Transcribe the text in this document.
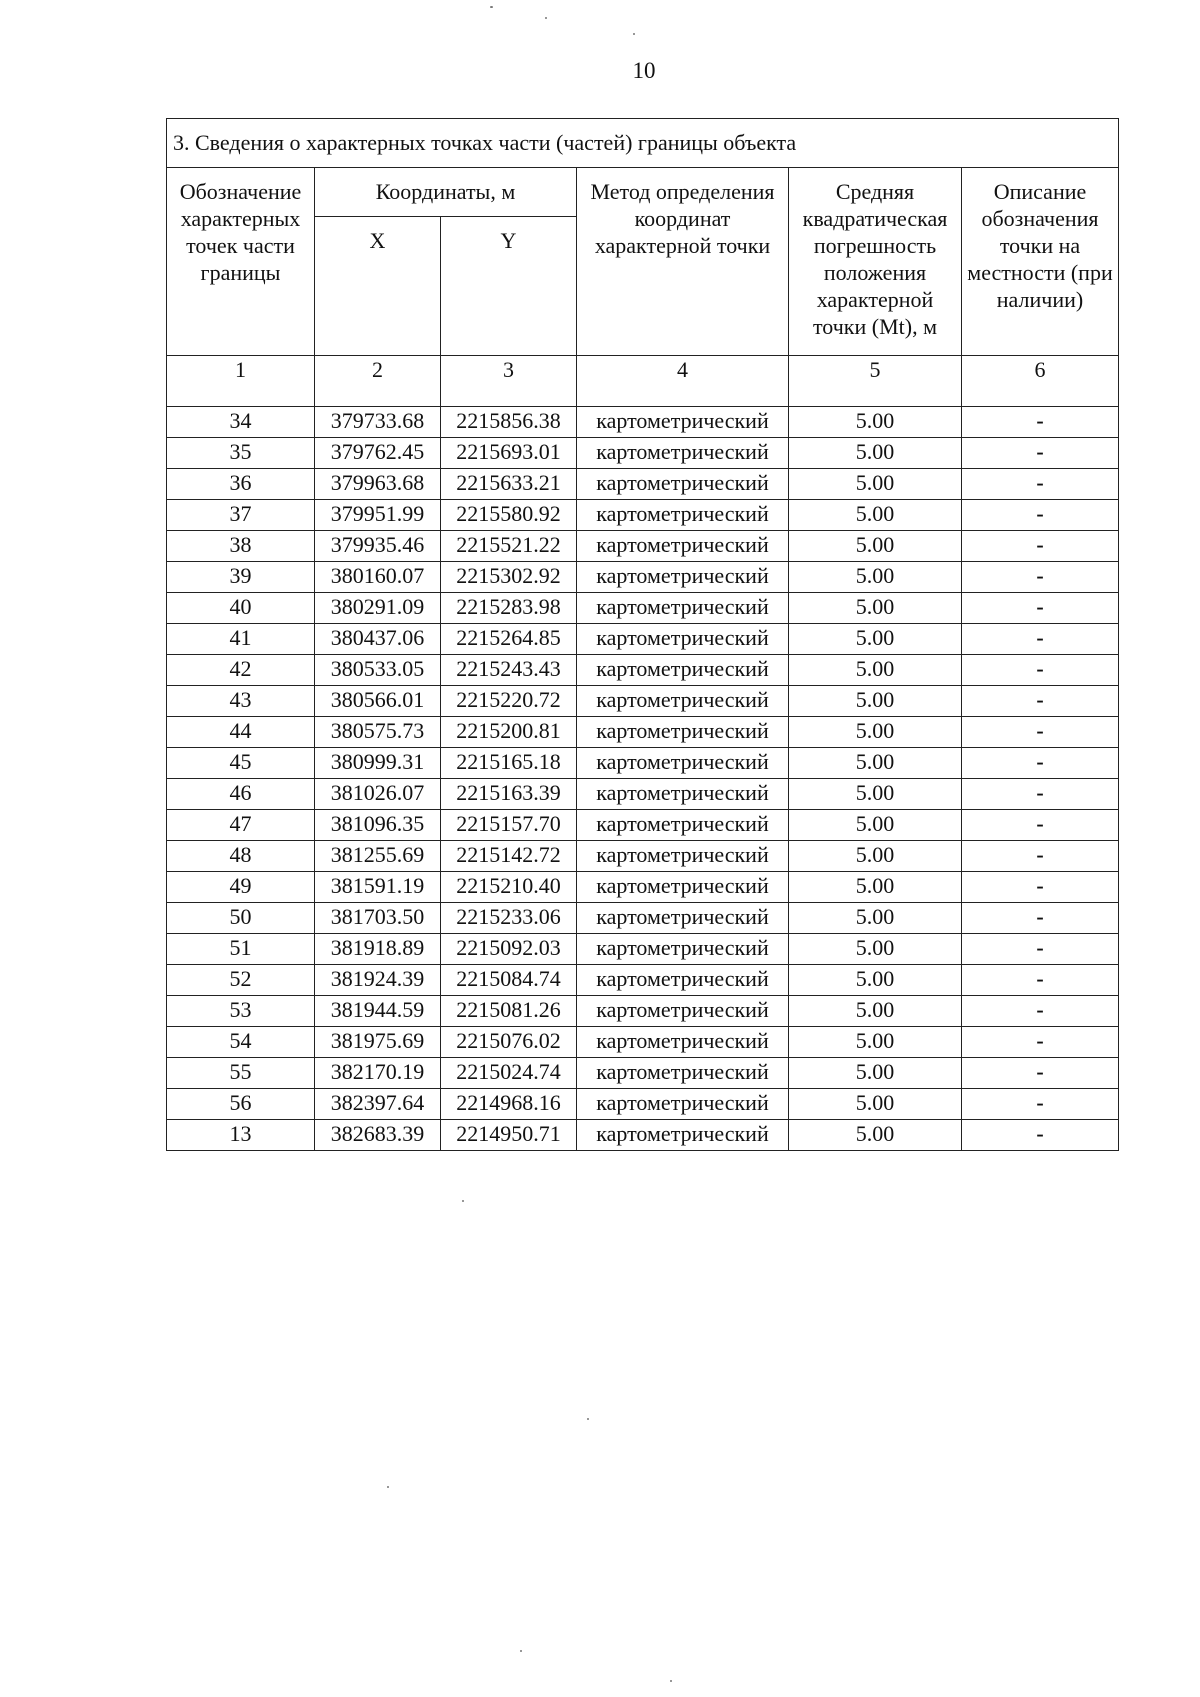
10
3. Сведения о характерных точках части (частей) границы объекта					
Обозначение характерных точек части границы	Координаты, м		Метод определения координат характерной точки	Средняя квадратическая погрешность положения характерной точки (Mt), м	Описание обозначения точки на местности (при наличии)
	X	Y			
1	2	3	4	5	6
34	379733.68	2215856.38	картометрический	5.00	-
35	379762.45	2215693.01	картометрический	5.00	-
36	379963.68	2215633.21	картометрический	5.00	-
37	379951.99	2215580.92	картометрический	5.00	-
38	379935.46	2215521.22	картометрический	5.00	-
39	380160.07	2215302.92	картометрический	5.00	-
40	380291.09	2215283.98	картометрический	5.00	-
41	380437.06	2215264.85	картометрический	5.00	-
42	380533.05	2215243.43	картометрический	5.00	-
43	380566.01	2215220.72	картометрический	5.00	-
44	380575.73	2215200.81	картометрический	5.00	-
45	380999.31	2215165.18	картометрический	5.00	-
46	381026.07	2215163.39	картометрический	5.00	-
47	381096.35	2215157.70	картометрический	5.00	-
48	381255.69	2215142.72	картометрический	5.00	-
49	381591.19	2215210.40	картометрический	5.00	-
50	381703.50	2215233.06	картометрический	5.00	-
51	381918.89	2215092.03	картометрический	5.00	-
52	381924.39	2215084.74	картометрический	5.00	-
53	381944.59	2215081.26	картометрический	5.00	-
54	381975.69	2215076.02	картометрический	5.00	-
55	382170.19	2215024.74	картометрический	5.00	-
56	382397.64	2214968.16	картометрический	5.00	-
13	382683.39	2214950.71	картометрический	5.00	-
